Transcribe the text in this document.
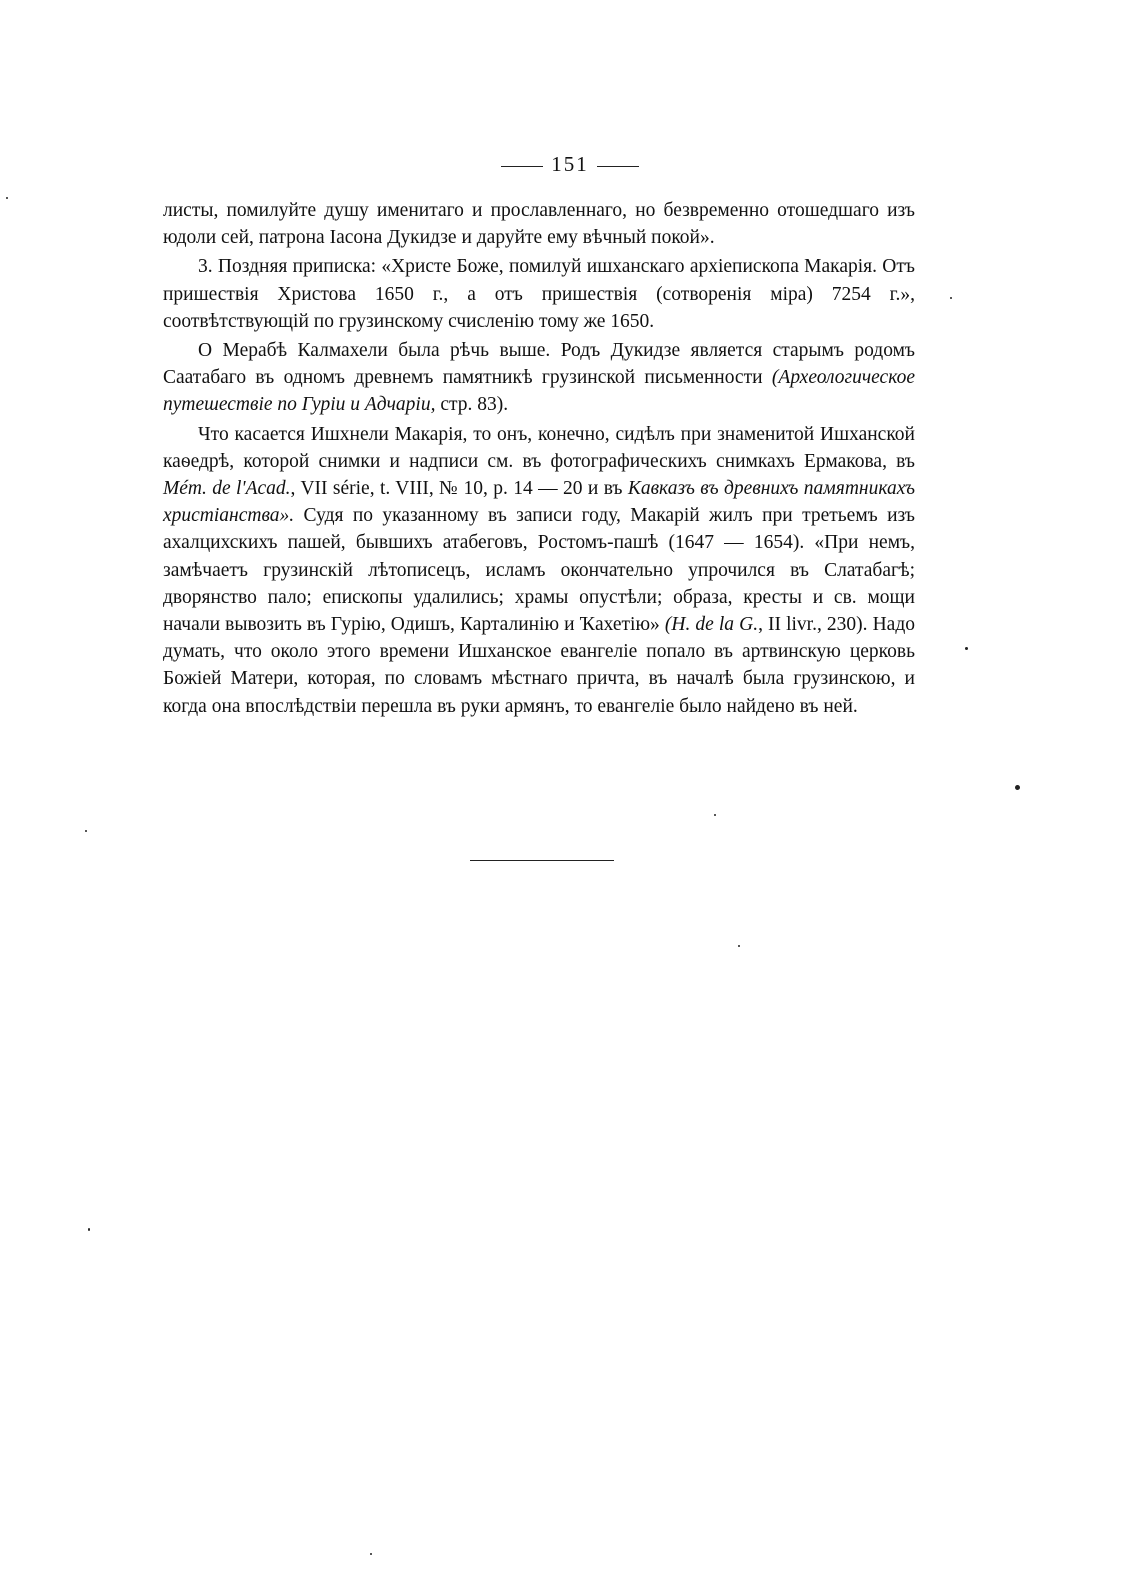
151

листы, помилуйте душу именитаго и прославленнаго, но безвременно отошедшаго изъ юдоли сей, патрона Іасона Дукидзе и даруйте ему вѣчный покой».

3. Поздняя приписка: «Христе Боже, помилуй ишханскаго архіепископа Макарія. Отъ пришествія Христова 1650 г., а отъ пришествія (сотворенія міра) 7254 г.», соотвѣтствующій по грузинскому счисленію тому же 1650.

О Мерабѣ Калмахели была рѣчь выше. Родъ Дукидзе является старымъ родомъ Саатабаго въ одномъ древнемъ памятникѣ грузинской письменности (Археологическое путешествіе по Гуріи и Адчаріи, стр. 83).

Что касается Ишхнели Макарія, то онъ, конечно, сидѣлъ при знаменитой Ишханской каѳедрѣ, которой снимки и надписи см. въ фотографическихъ снимкахъ Ермакова, въ Mém. de l'Acad., VII série, t. VIII, № 10, p. 14 — 20 и въ Кавказъ въ древнихъ памятникахъ христіанства». Судя по указанному въ записи году, Макарій жилъ при третьемъ изъ ахалцихскихъ пашей, бывшихъ атабеговъ, Ростомъ-пашѣ (1647 — 1654). «При немъ, замѣчаетъ грузинскій лѣтописецъ, исламъ окончательно упрочился въ Слатабагѣ; дворянство пало; епископы удалились; храмы опустѣли; образа, кресты и св. мощи начали вывозить въ Гурію, Одишъ, Карталинію и Ҡахетію» (H. de la G., II livr., 230). Надо думать, что около этого времени Ишханское евангеліе попало въ артвинскую церковь Божіей Матери, которая, по словамъ мѣстнаго причта, въ началѣ была грузинскою, и когда она впослѣдствіи перешла въ руки армянъ, то евангеліе было найдено въ ней.
